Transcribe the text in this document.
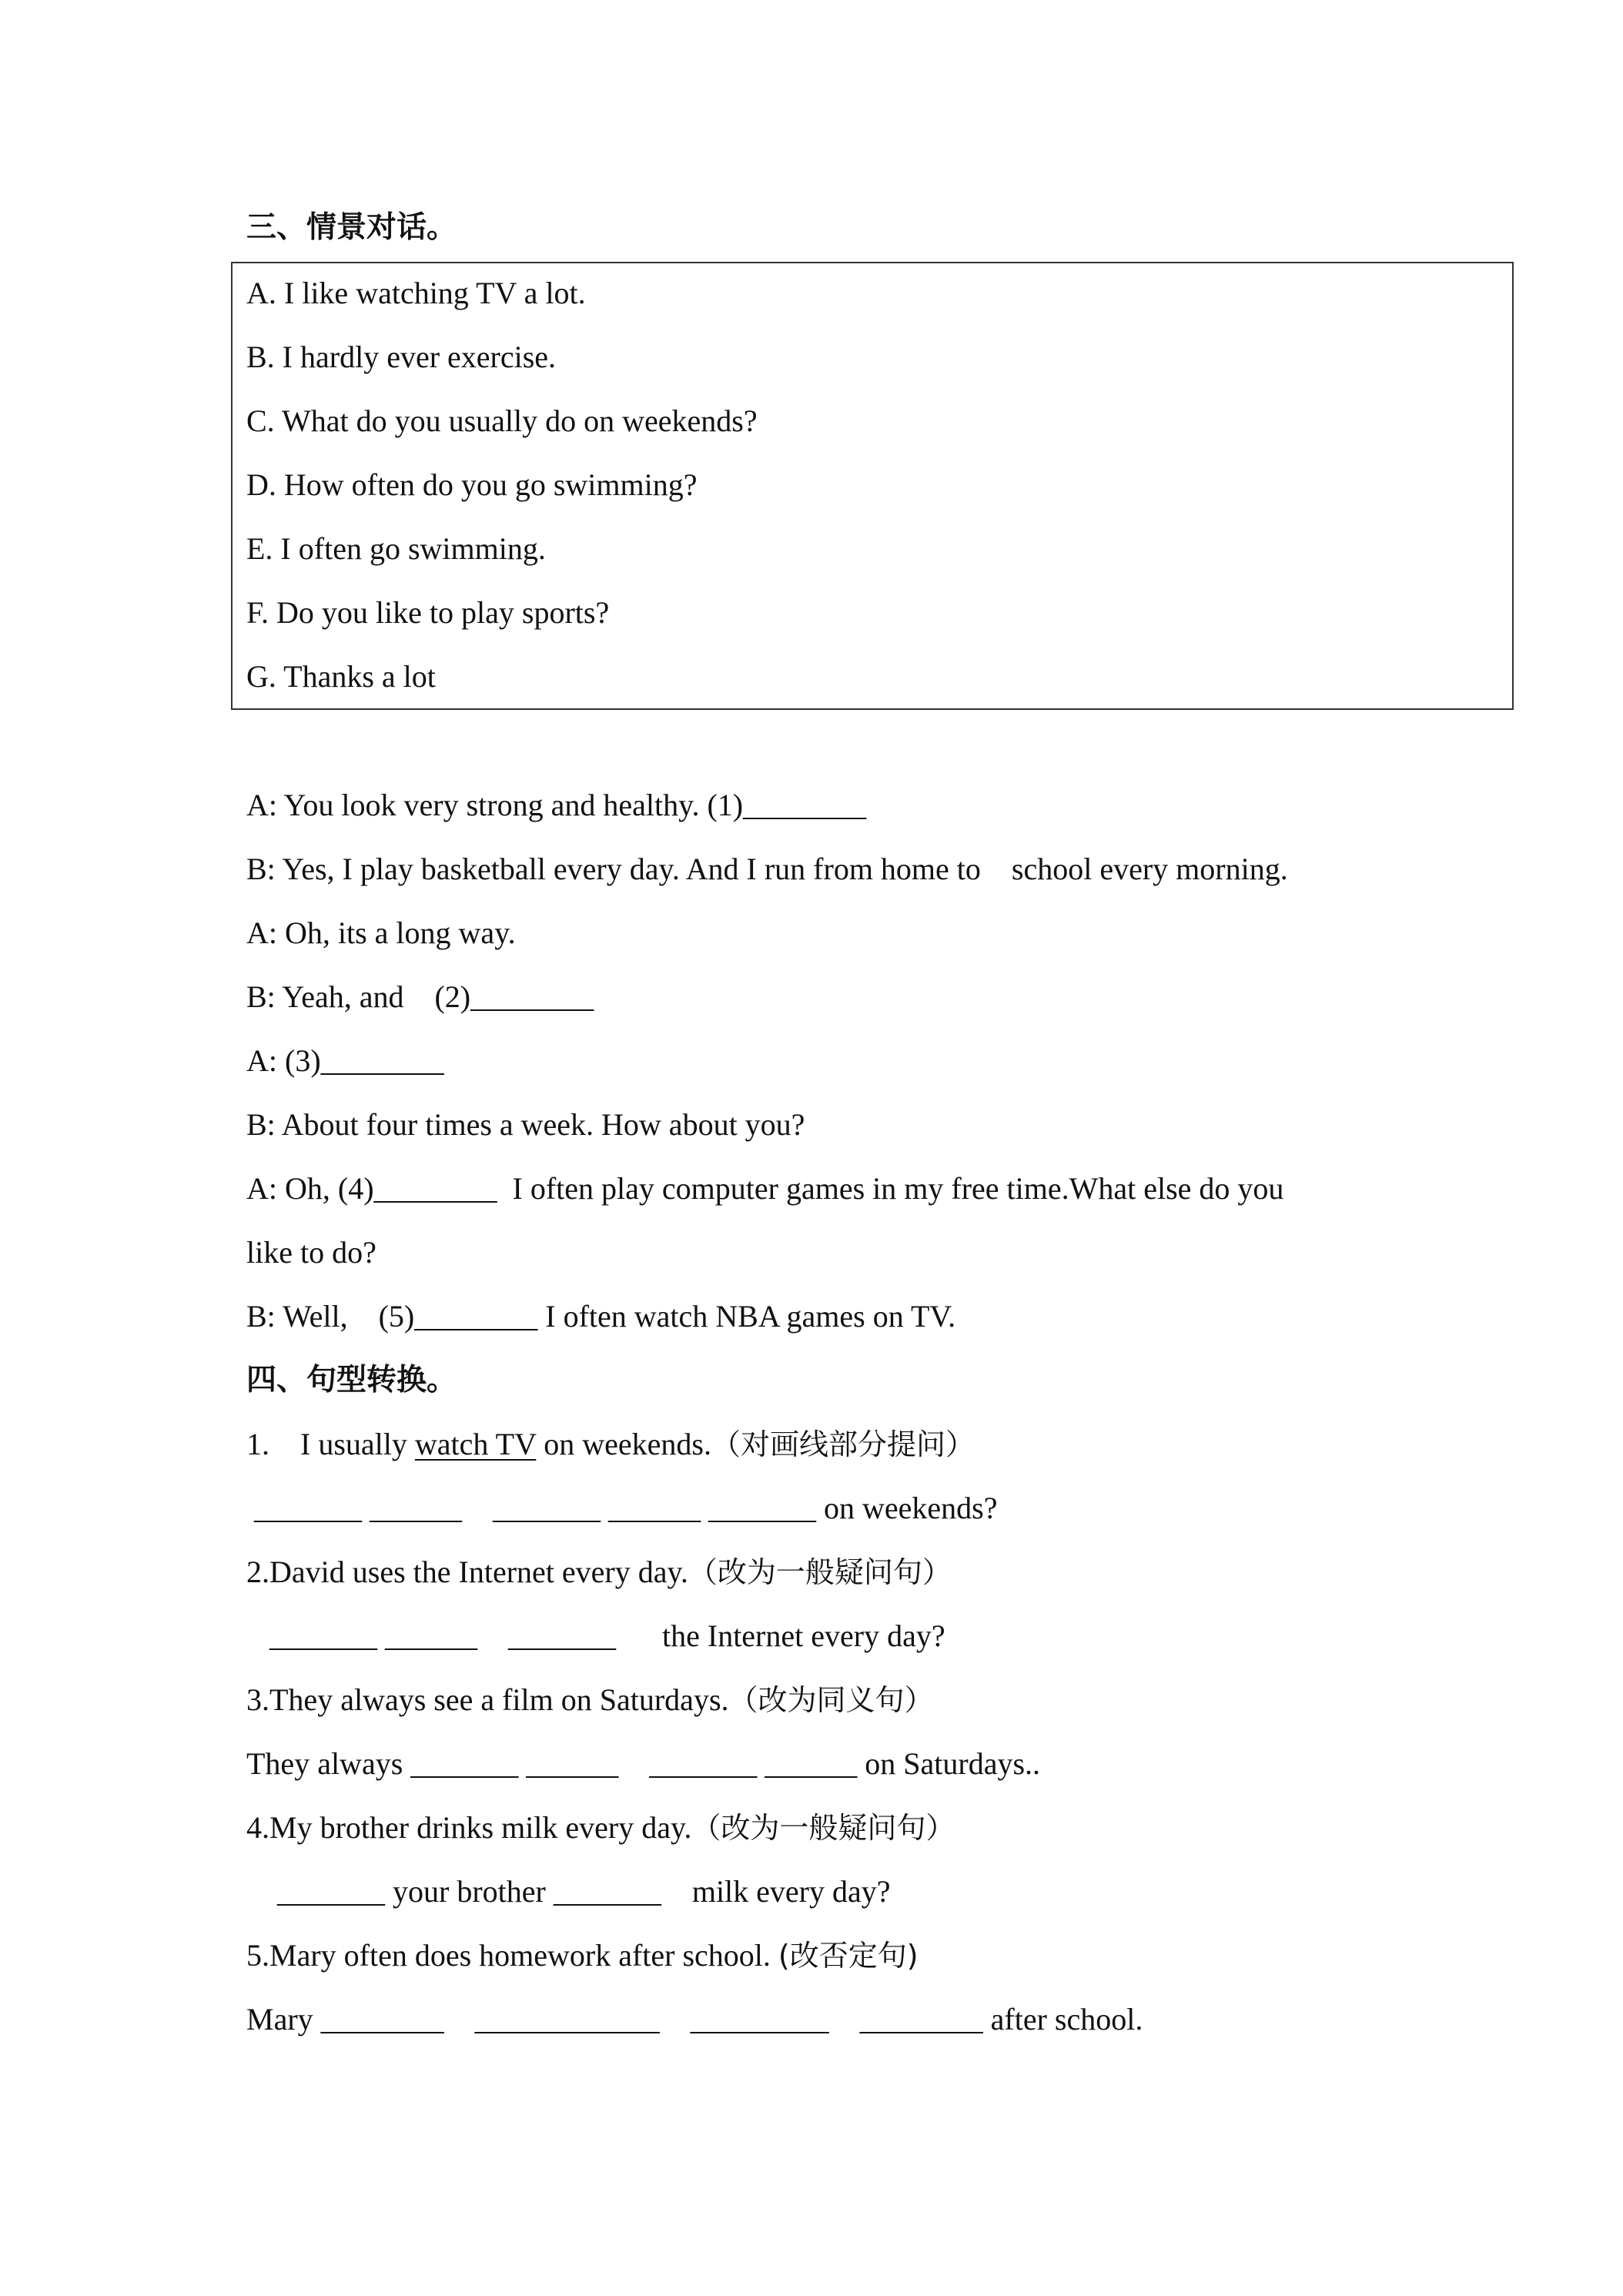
三、情景对话。
A. I like watching TV a lot.
B. I hardly ever exercise.
C. What do you usually do on weekends?
D. How often do you go swimming?
E. I often go swimming.
F. Do you like to play sports?
G. Thanks a lot
A: You look very strong and healthy. (1)________
B: Yes, I play basketball every day. And I run from home to    school every morning.
A: Oh, its a long way.
B: Yeah, and    (2)________
A: (3)________
B: About four times a week. How about you?
A: Oh, (4)________  I often play computer games in my free time.What else do you
like to do?
B: Well,    (5)________ I often watch NBA games on TV.
四、句型转换。
1.    I usually watch TV on weekends.（对画线部分提问）
_______ ______    _______ ______ _______ on weekends?
2.David uses the Internet every day.（改为一般疑问句）
_______ ______    _______      the Internet every day?
3.They always see a film on Saturdays.（改为同义句）
They always _______ ______    _______ ______ on Saturdays..
4.My brother drinks milk every day.（改为一般疑问句）
_______ your brother _______    milk every day?
5.Mary often does homework after school. (改否定句)
Mary ________    ____________    _________    ________ after school.
